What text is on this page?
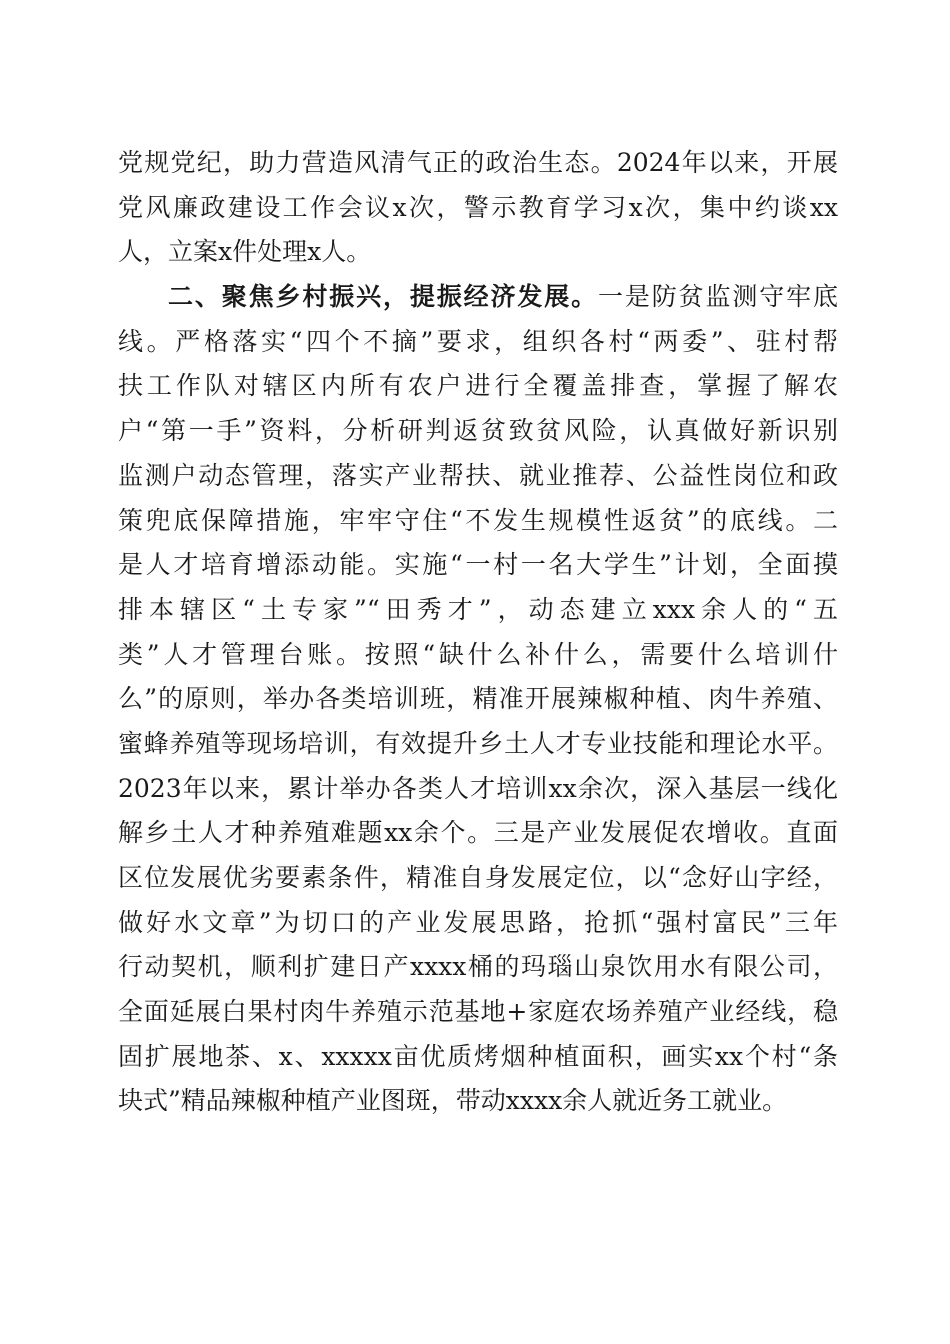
党规党纪，助力营造风清气正的政治生态。2024年以来，开展
党风廉政建设工作会议x次，警示教育学习x次，集中约谈xx
人，立案x件处理x人。
二、聚焦乡村振兴，提振经济发展。一是防贫监测守牢底
线。严格落实“四个不摘”要求，组织各村“两委”、驻村帮
扶工作队对辖区内所有农户进行全覆盖排查，掌握了解农
户“第一手”资料，分析研判返贫致贫风险，认真做好新识别
监测户动态管理，落实产业帮扶、就业推荐、公益性岗位和政
策兜底保障措施，牢牢守住“不发生规模性返贫”的底线。二
是人才培育增添动能。实施“一村一名大学生”计划，全面摸
排本辖区“土专家”“田秀才”，动态建立xxx余人的“五
类”人才管理台账。按照“缺什么补什么，需要什么培训什
么”的原则，举办各类培训班，精准开展辣椒种植、肉牛养殖、
蜜蜂养殖等现场培训，有效提升乡土人才专业技能和理论水平。
2023年以来，累计举办各类人才培训xx余次，深入基层一线化
解乡土人才种养殖难题xx余个。三是产业发展促农增收。直面
区位发展优劣要素条件，精准自身发展定位，以“念好山字经，
做好水文章”为切口的产业发展思路，抢抓“强村富民”三年
行动契机，顺利扩建日产xxxx桶的玛瑙山泉饮用水有限公司，
全面延展白果村肉牛养殖示范基地+家庭农场养殖产业经线，稳
固扩展地茶、x、xxxxx亩优质烤烟种植面积，画实xx个村“条
块式”精品辣椒种植产业图斑，带动xxxx余人就近务工就业。
